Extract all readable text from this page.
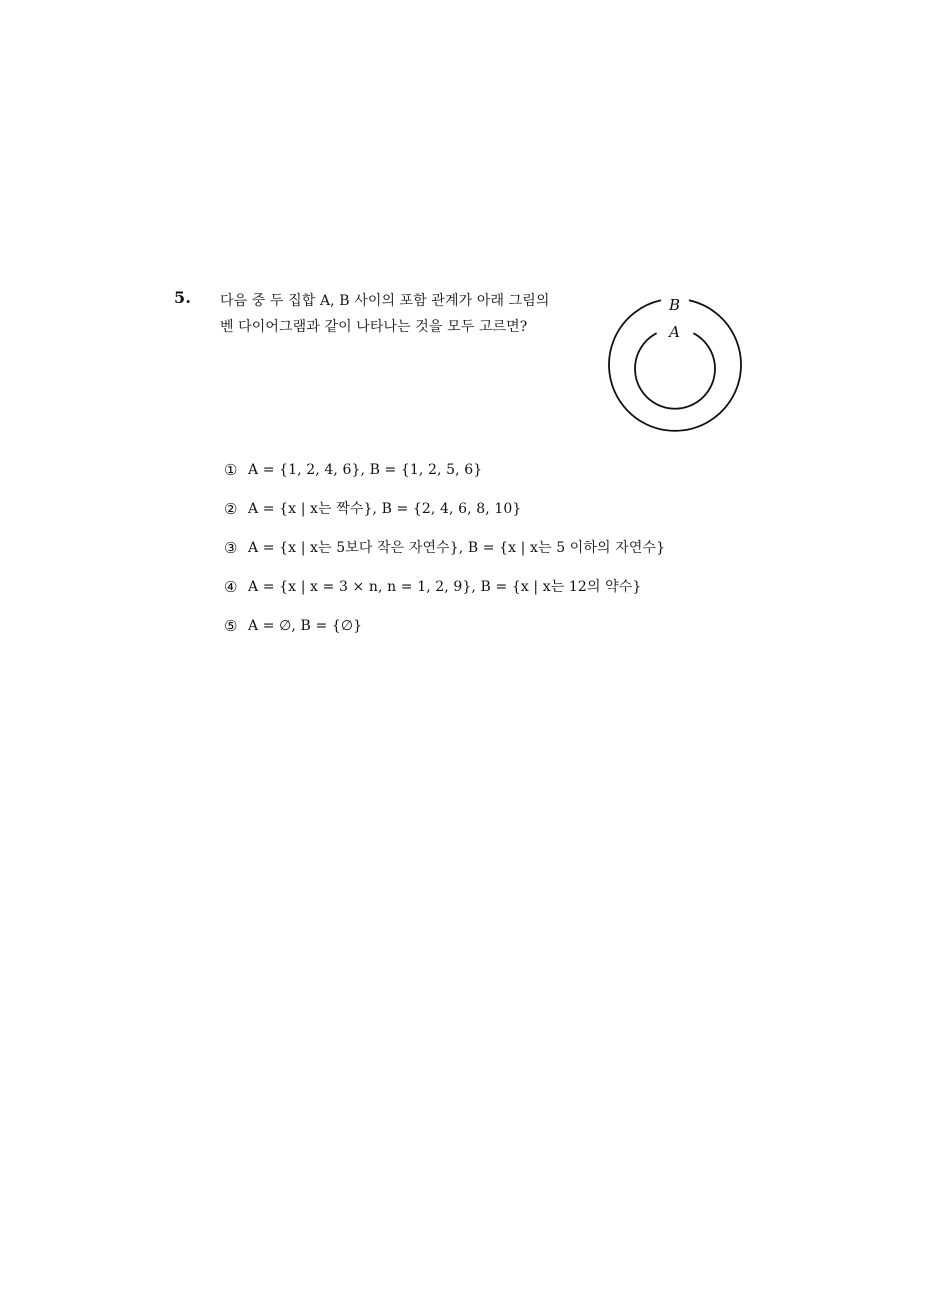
5. 다음 중 두 집합 A, B 사이의 포함 관계가 아래 그림의
벤 다이어그램과 같이 나타나는 것을 모두 고르면?
B
A
① A = {1, 2, 4, 6}, B = {1, 2, 5, 6}
② A = {x | x는 짝수}, B = {2, 4, 6, 8, 10}
③ A = {x | x는 5보다 작은 자연수}, B = {x | x는 5 이하의 자연수}
④ A = {x | x = 3 × n, n = 1, 2, 9}, B = {x | x는 12의 약수}
⑤ A = ∅, B = {∅}
